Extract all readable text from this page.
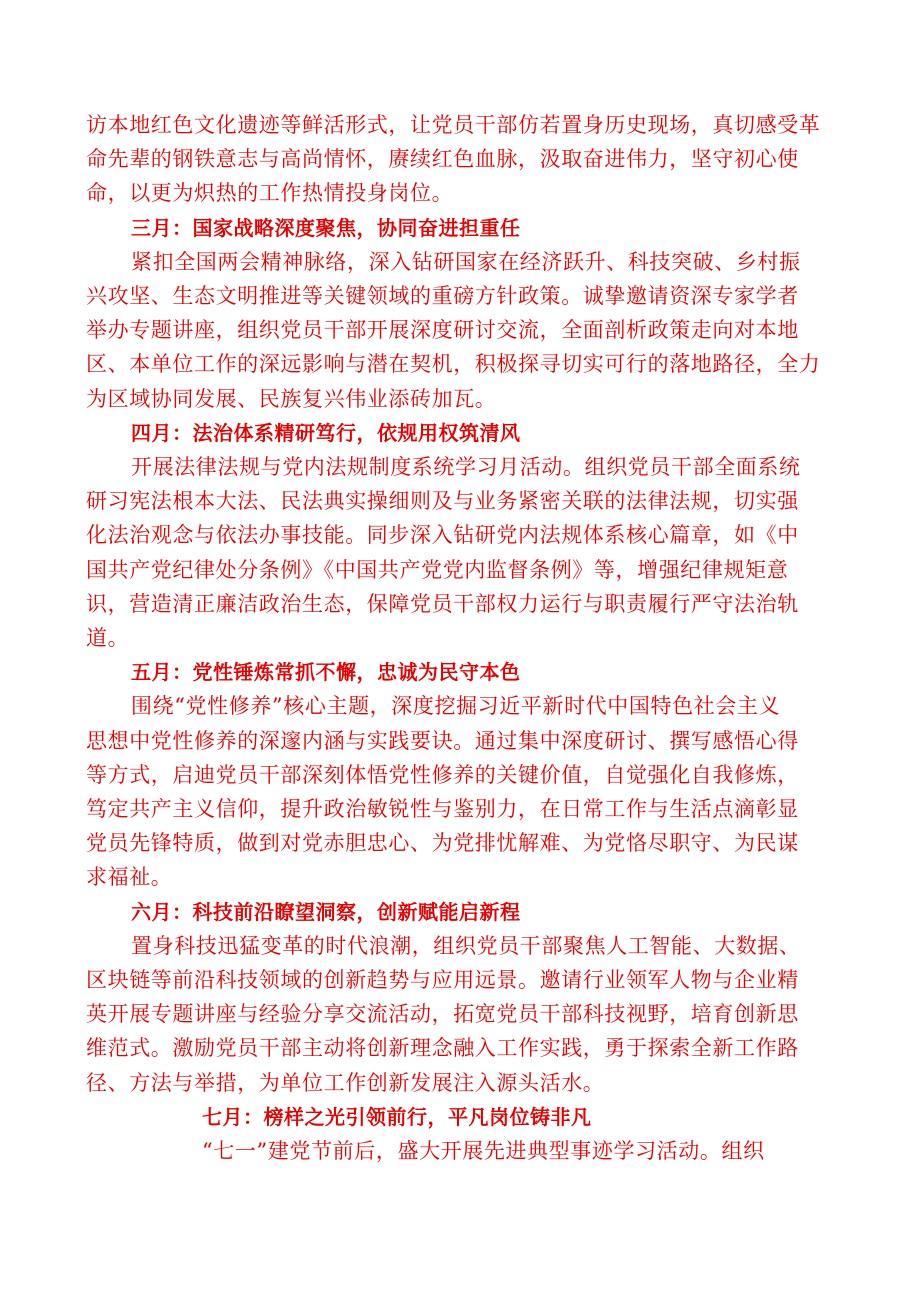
访本地红色文化遗迹等鲜活形式，让党员干部仿若置身历史现场，真切感受革
命先辈的钢铁意志与高尚情怀，赓续红色血脉，汲取奋进伟力，坚守初心使
命，以更为炽热的工作热情投身岗位。
三月：国家战略深度聚焦，协同奋进担重任
紧扣全国两会精神脉络，深入钻研国家在经济跃升、科技突破、乡村振
兴攻坚、生态文明推进等关键领域的重磅方针政策。诚挚邀请资深专家学者
举办专题讲座，组织党员干部开展深度研讨交流，全面剖析政策走向对本地
区、本单位工作的深远影响与潜在契机，积极探寻切实可行的落地路径，全力
为区域协同发展、民族复兴伟业添砖加瓦。
四月：法治体系精研笃行，依规用权筑清风
开展法律法规与党内法规制度系统学习月活动。组织党员干部全面系统
研习宪法根本大法、民法典实操细则及与业务紧密关联的法律法规，切实强
化法治观念与依法办事技能。同步深入钻研党内法规体系核心篇章，如《中
国共产党纪律处分条例》《中国共产党党内监督条例》等，增强纪律规矩意
识，营造清正廉洁政治生态，保障党员干部权力运行与职责履行严守法治轨
道。
五月：党性锤炼常抓不懈，忠诚为民守本色
围绕“党性修养”核心主题，深度挖掘习近平新时代中国特色社会主义
思想中党性修养的深邃内涵与实践要诀。通过集中深度研讨、撰写感悟心得
等方式，启迪党员干部深刻体悟党性修养的关键价值，自觉强化自我修炼，
笃定共产主义信仰，提升政治敏锐性与鉴别力，在日常工作与生活点滴彰显
党员先锋特质，做到对党赤胆忠心、为党排忧解难、为党恪尽职守、为民谋
求福祉。
六月：科技前沿瞭望洞察，创新赋能启新程
置身科技迅猛变革的时代浪潮，组织党员干部聚焦人工智能、大数据、
区块链等前沿科技领域的创新趋势与应用远景。邀请行业领军人物与企业精
英开展专题讲座与经验分享交流活动，拓宽党员干部科技视野，培育创新思
维范式。激励党员干部主动将创新理念融入工作实践，勇于探索全新工作路
径、方法与举措，为单位工作创新发展注入源头活水。
七月：榜样之光引领前行，平凡岗位铸非凡
“七一”建党节前后，盛大开展先进典型事迹学习活动。组织
